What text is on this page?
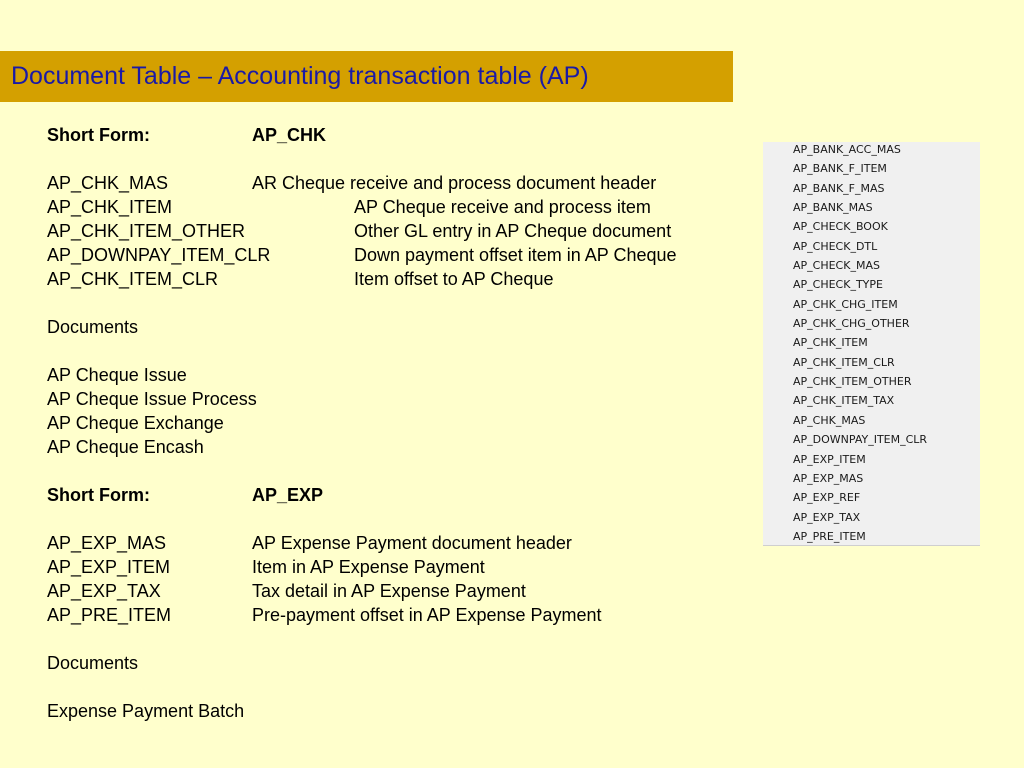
Document Table – Accounting transaction table (AP)
Short Form:	AP_CHK
AP_CHK_MAS	AR Cheque receive and process document header
AP_CHK_ITEM	AP Cheque receive and process item
AP_CHK_ITEM_OTHER	Other GL entry in AP Cheque document
AP_DOWNPAY_ITEM_CLR	Down payment offset item in AP Cheque
AP_CHK_ITEM_CLR	Item offset to AP Cheque
Documents
AP Cheque Issue
AP Cheque Issue Process
AP Cheque Exchange
AP Cheque Encash
Short Form:	AP_EXP
AP_EXP_MAS	AP Expense Payment document header
AP_EXP_ITEM	Item in AP Expense Payment
AP_EXP_TAX	Tax detail in AP Expense Payment
AP_PRE_ITEM	Pre-payment offset in AP Expense Payment
Documents
Expense Payment Batch
AP_BANK_ACC_MAS
AP_BANK_F_ITEM
AP_BANK_F_MAS
AP_BANK_MAS
AP_CHECK_BOOK
AP_CHECK_DTL
AP_CHECK_MAS
AP_CHECK_TYPE
AP_CHK_CHG_ITEM
AP_CHK_CHG_OTHER
AP_CHK_ITEM
AP_CHK_ITEM_CLR
AP_CHK_ITEM_OTHER
AP_CHK_ITEM_TAX
AP_CHK_MAS
AP_DOWNPAY_ITEM_CLR
AP_EXP_ITEM
AP_EXP_MAS
AP_EXP_REF
AP_EXP_TAX
AP_PRE_ITEM
